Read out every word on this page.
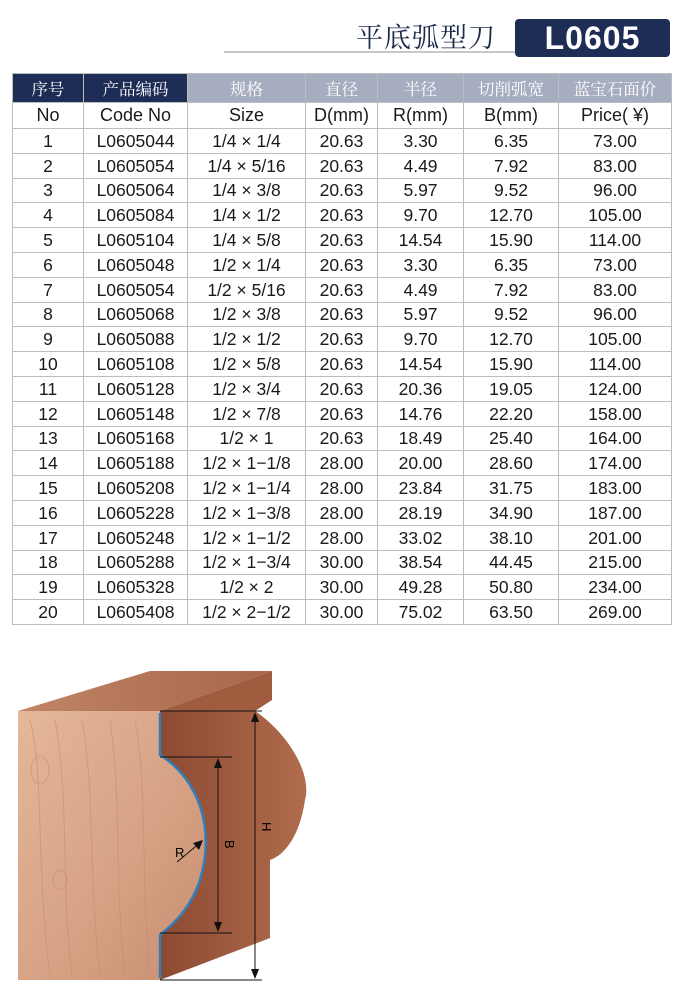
平底弧型刀	L0605
序号	产品编码	规格	直径	半径	切削弧宽	蓝宝石面价
No	Code No	Size	D(mm)	R(mm)	B(mm)	Price( ¥)
1	L0605044	1/4 × 1/4	20.63	3.30	6.35	73.00
2	L0605054	1/4 × 5/16	20.63	4.49	7.92	83.00
3	L0605064	1/4 × 3/8	20.63	5.97	9.52	96.00
4	L0605084	1/4 × 1/2	20.63	9.70	12.70	105.00
5	L0605104	1/4 × 5/8	20.63	14.54	15.90	114.00
6	L0605048	1/2 × 1/4	20.63	3.30	6.35	73.00
7	L0605054	1/2 × 5/16	20.63	4.49	7.92	83.00
8	L0605068	1/2 × 3/8	20.63	5.97	9.52	96.00
9	L0605088	1/2 × 1/2	20.63	9.70	12.70	105.00
10	L0605108	1/2 × 5/8	20.63	14.54	15.90	114.00
11	L0605128	1/2 × 3/4	20.63	20.36	19.05	124.00
12	L0605148	1/2 × 7/8	20.63	14.76	22.20	158.00
13	L0605168	1/2 × 1	20.63	18.49	25.40	164.00
14	L0605188	1/2 × 1−1/8	28.00	20.00	28.60	174.00
15	L0605208	1/2 × 1−1/4	28.00	23.84	31.75	183.00
16	L0605228	1/2 × 1−3/8	28.00	28.19	34.90	187.00
17	L0605248	1/2 × 1−1/2	28.00	33.02	38.10	201.00
18	L0605288	1/2 × 1−3/4	30.00	38.54	44.45	215.00
19	L0605328	1/2 × 2	30.00	49.28	50.80	234.00
20	L0605408	1/2 × 2−1/2	30.00	75.02	63.50	269.00
H
B
R
